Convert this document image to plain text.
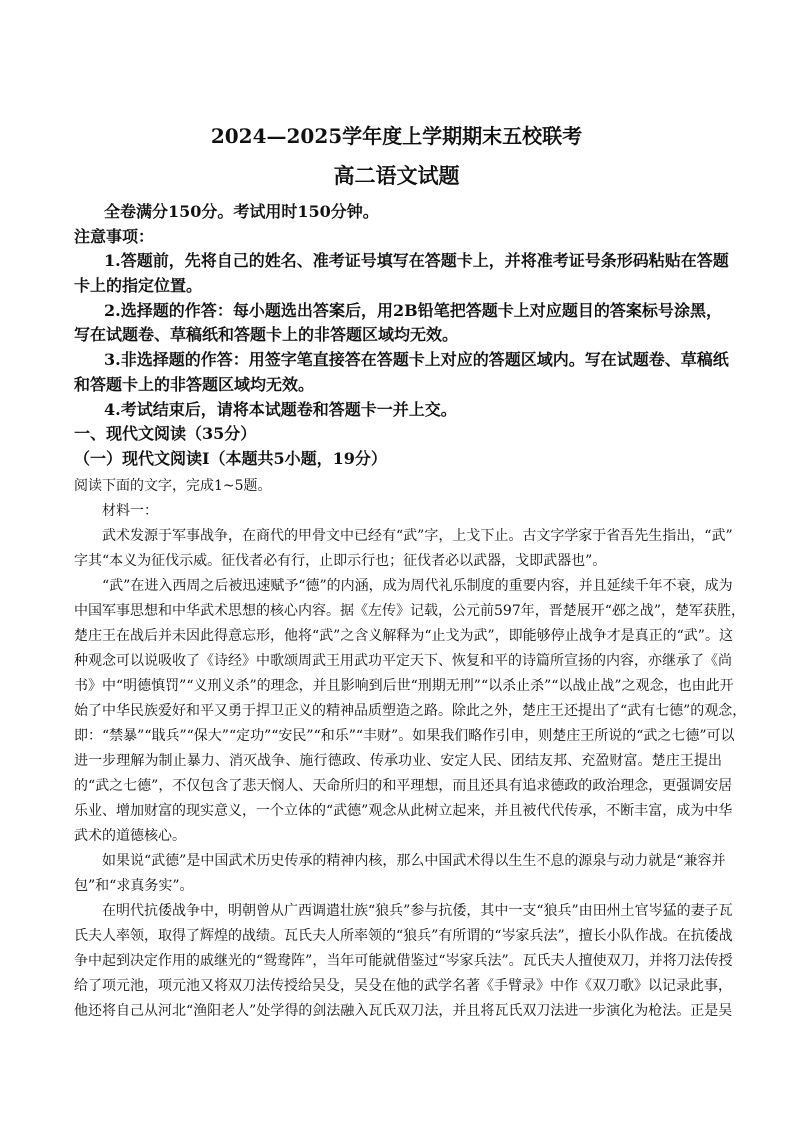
2024—2025学年度上学期期末五校联考
高二语文试题
全卷满分150分。考试用时150分钟。
注意事项：
1.答题前，先将自己的姓名、准考证号填写在答题卡上，并将准考证号条形码粘贴在答题
卡上的指定位置。
2.选择题的作答：每小题选出答案后，用2B铅笔把答题卡上对应题目的答案标号涂黑，
写在试题卷、草稿纸和答题卡上的非答题区域均无效。
3.非选择题的作答：用签字笔直接答在答题卡上对应的答题区域内。写在试题卷、草稿纸
和答题卡上的非答题区域均无效。
4.考试结束后，请将本试题卷和答题卡一并上交。
一、现代文阅读（35分）
（一）现代文阅读Ⅰ（本题共5小题，19分）
阅读下面的文字，完成1~5题。
材料一：
武术发源于军事战争，在商代的甲骨文中已经有“武”字，上戈下止。古文字学家于省吾先生指出，“武”
字其“本义为征伐示威。征伐者必有行，止即示行也；征伐者必以武器，戈即武器也”。
“武”在进入西周之后被迅速赋予“德”的内涵，成为周代礼乐制度的重要内容，并且延续千年不衰，成为
中国军事思想和中华武术思想的核心内容。据《左传》记载，公元前597年，晋楚展开“邲之战”，楚军获胜，
楚庄王在战后并未因此得意忘形，他将“武”之含义解释为“止戈为武”，即能够停止战争才是真正的“武”。这
种观念可以说吸收了《诗经》中歌颂周武王用武功平定天下、恢复和平的诗篇所宣扬的内容，亦继承了《尚
书》中“明德慎罚”“义刑义杀”的理念，并且影响到后世“刑期无刑”“以杀止杀”“以战止战”之观念，也由此开
始了中华民族爱好和平又勇于捍卫正义的精神品质塑造之路。除此之外，楚庄王还提出了“武有七德”的观念，
即：“禁暴”“戢兵”“保大”“定功”“安民”“和乐”“丰财”。如果我们略作引申，则楚庄王所说的“武之七德”可以
进一步理解为制止暴力、消灭战争、施行德政、传承功业、安定人民、团结友邦、充盈财富。楚庄王提出
的“武之七德”，不仅包含了悲天悯人、天命所归的和平理想，而且还具有追求德政的政治理念，更强调安居
乐业、增加财富的现实意义，一个立体的“武德”观念从此树立起来，并且被代代传承，不断丰富，成为中华
武术的道德核心。
如果说“武德”是中国武术历史传承的精神内核，那么中国武术得以生生不息的源泉与动力就是“兼容并
包”和“求真务实”。
在明代抗倭战争中，明朝曾从广西调遣壮族“狼兵”参与抗倭，其中一支“狼兵”由田州土官岑猛的妻子瓦
氏夫人率领，取得了辉煌的战绩。瓦氏夫人所率领的“狼兵”有所谓的“岑家兵法”，擅长小队作战。在抗倭战
争中起到决定作用的戚继光的“鸳鸯阵”，当年可能就借鉴过“岑家兵法”。瓦氏夫人擅使双刀，并将刀法传授
给了项元池，项元池又将双刀法传授给吴殳，吴殳在他的武学名著《手臂录》中作《双刀歌》以记录此事，
他还将自己从河北“渔阳老人”处学得的剑法融入瓦氏双刀法，并且将瓦氏双刀法进一步演化为枪法。正是吴
